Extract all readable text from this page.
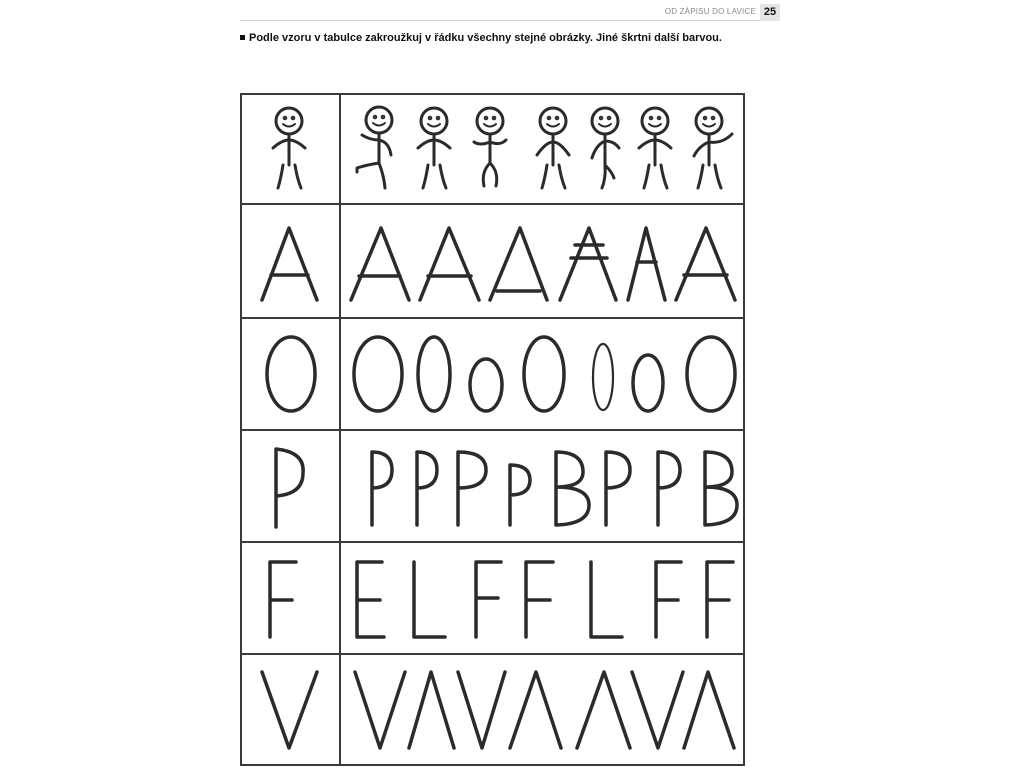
OD ZÁPISU DO LAVICE 25
Podle vzoru v tabulce zakroužkuj v řádku všechny stejné obrázky. Jiné škrtni další barvou.
